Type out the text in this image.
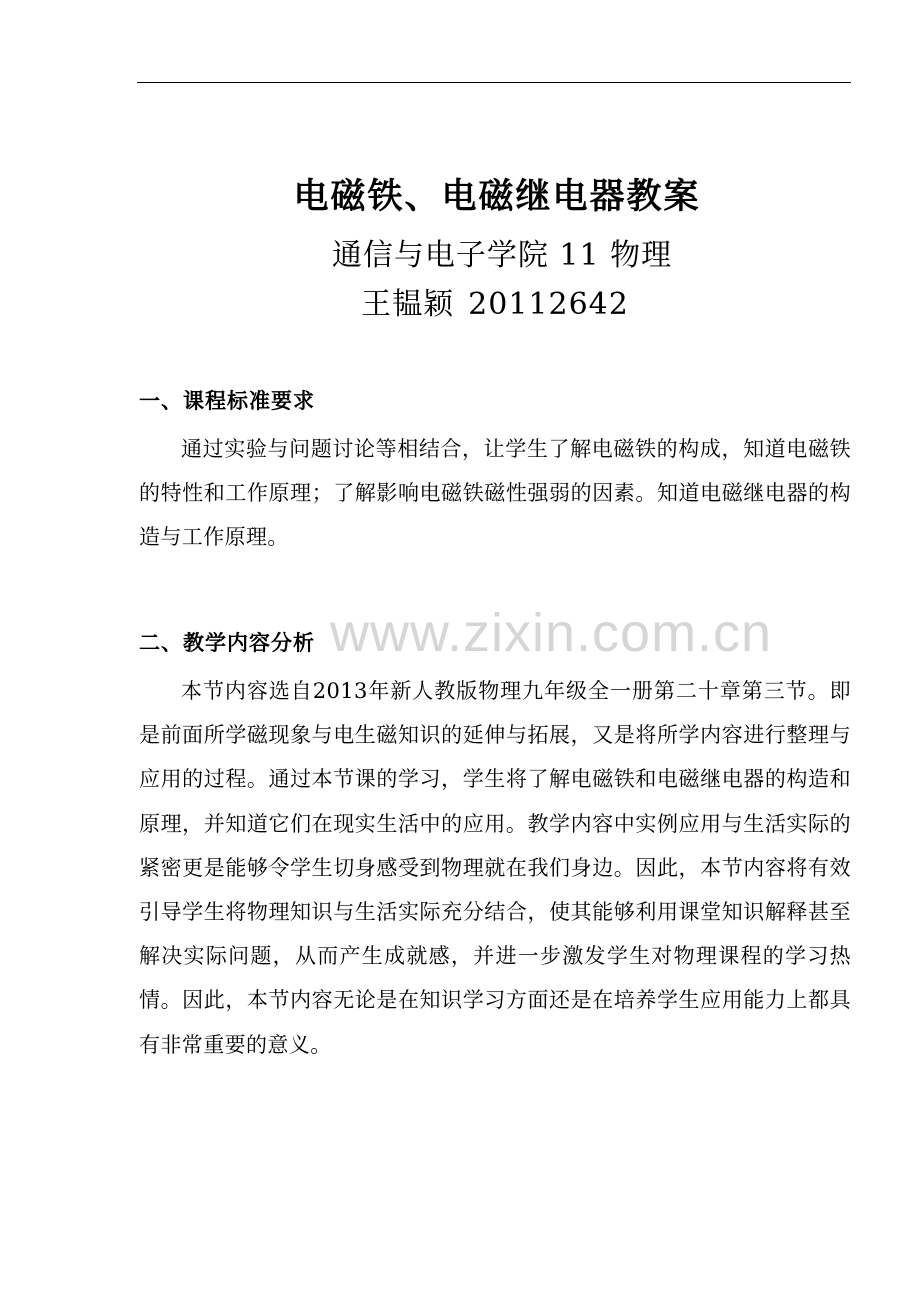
电磁铁、电磁继电器教案
通信与电子学院 11 物理
王韫颖 20112642
一、课程标准要求
通过实验与问题讨论等相结合，让学生了解电磁铁的构成，知道电磁铁的特性和工作原理；了解影响电磁铁磁性强弱的因素。知道电磁继电器的构造与工作原理。
www.zixin.com.cn
二、教学内容分析
本节内容选自2013年新人教版物理九年级全一册第二十章第三节。即是前面所学磁现象与电生磁知识的延伸与拓展，又是将所学内容进行整理与应用的过程。通过本节课的学习，学生将了解电磁铁和电磁继电器的构造和原理，并知道它们在现实生活中的应用。教学内容中实例应用与生活实际的紧密更是能够令学生切身感受到物理就在我们身边。因此，本节内容将有效引导学生将物理知识与生活实际充分结合，使其能够利用课堂知识解释甚至解决实际问题，从而产生成就感，并进一步激发学生对物理课程的学习热情。因此，本节内容无论是在知识学习方面还是在培养学生应用能力上都具有非常重要的意义。
